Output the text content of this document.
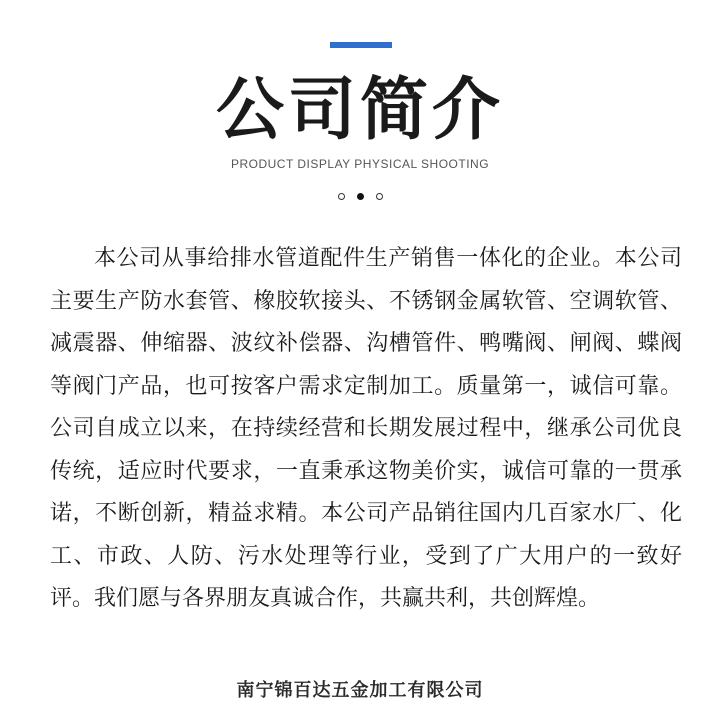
公司简介
PRODUCT DISPLAY PHYSICAL SHOOTING

本公司从事给排水管道配件生产销售一体化的企业。本公司主要生产防水套管、橡胶软接头、不锈钢金属软管、空调软管、减震器、伸缩器、波纹补偿器、沟槽管件、鸭嘴阀、闸阀、蝶阀等阀门产品，也可按客户需求定制加工。质量第一，诚信可靠。公司自成立以来，在持续经营和长期发展过程中，继承公司优良传统，适应时代要求，一直秉承这物美价实，诚信可靠的一贯承诺，不断创新，精益求精。本公司产品销往国内几百家水厂、化工、市政、人防、污水处理等行业，受到了广大用户的一致好评。我们愿与各界朋友真诚合作，共赢共利，共创辉煌。

南宁锦百达五金加工有限公司
